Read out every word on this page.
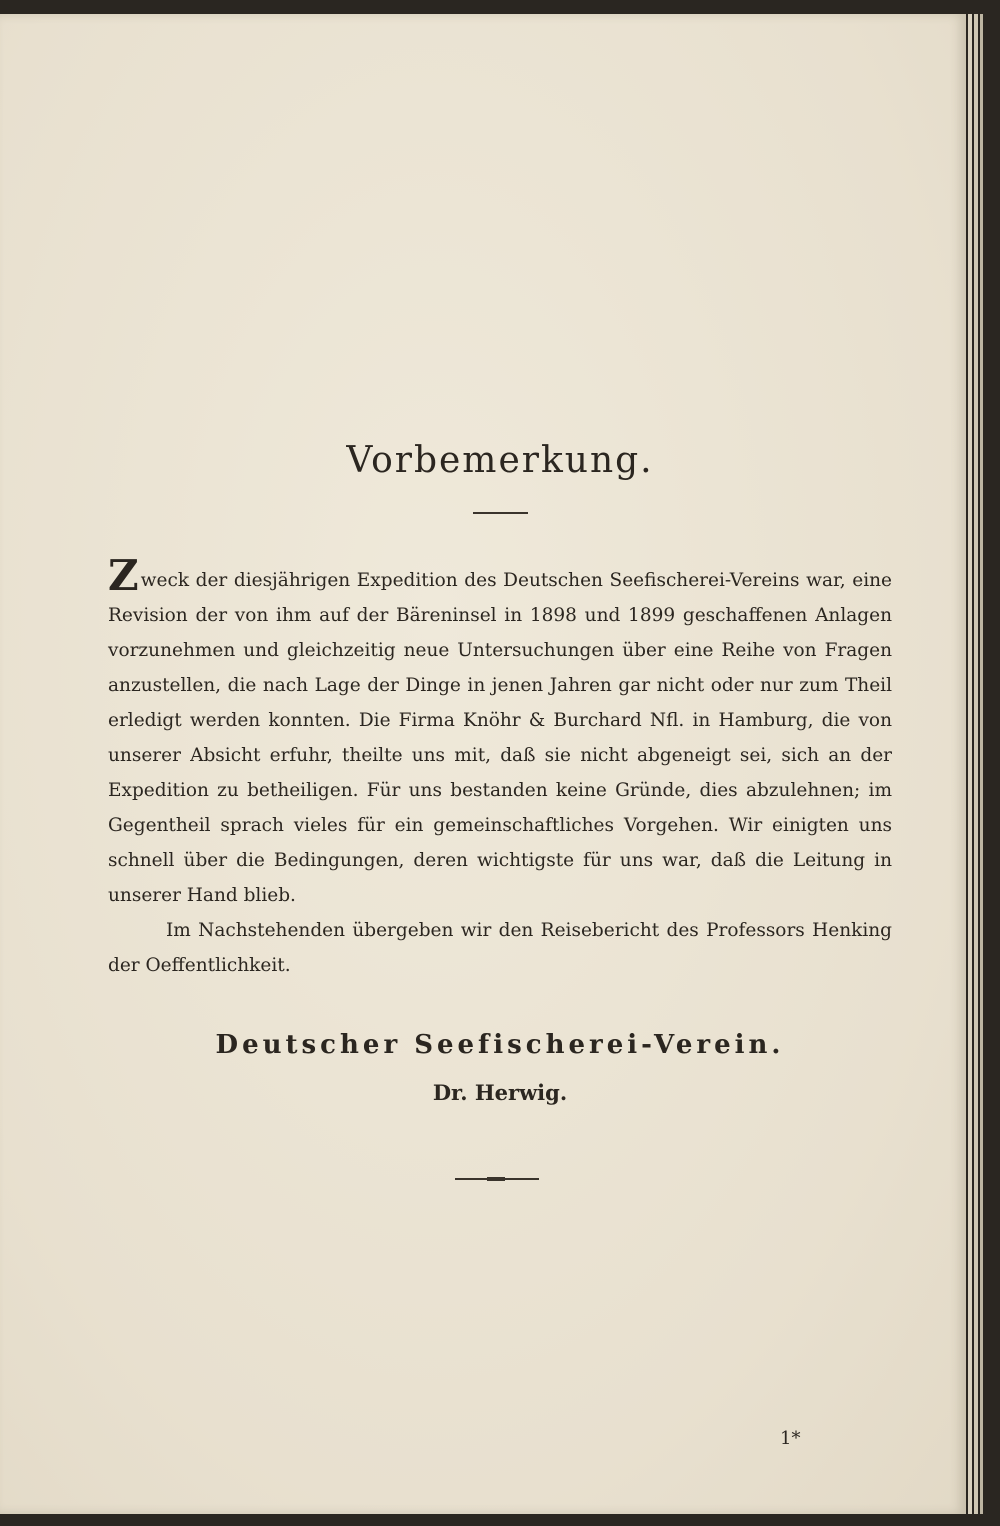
Vorbemerkung.

Zweck der diesjährigen Expedition des Deutschen Seefischerei-Vereins war, eine Revision der von ihm auf der Bäreninsel in 1898 und 1899 geschaffenen Anlagen vorzunehmen und gleichzeitig neue Untersuchungen über eine Reihe von Fragen anzustellen, die nach Lage der Dinge in jenen Jahren gar nicht oder nur zum Theil erledigt werden konnten. Die Firma Knöhr & Burchard Nfl. in Hamburg, die von unserer Absicht erfuhr, theilte uns mit, daß sie nicht abgeneigt sei, sich an der Expedition zu betheiligen. Für uns bestanden keine Gründe, dies abzulehnen; im Gegentheil sprach vieles für ein gemeinschaftliches Vorgehen. Wir einigten uns schnell über die Bedingungen, deren wichtigste für uns war, daß die Leitung in unserer Hand blieb.

Im Nachstehenden übergeben wir den Reisebericht des Professors Henking der Oeffentlichkeit.

Deutscher Seefischerei-Verein.
Dr. Herwig.
1*
